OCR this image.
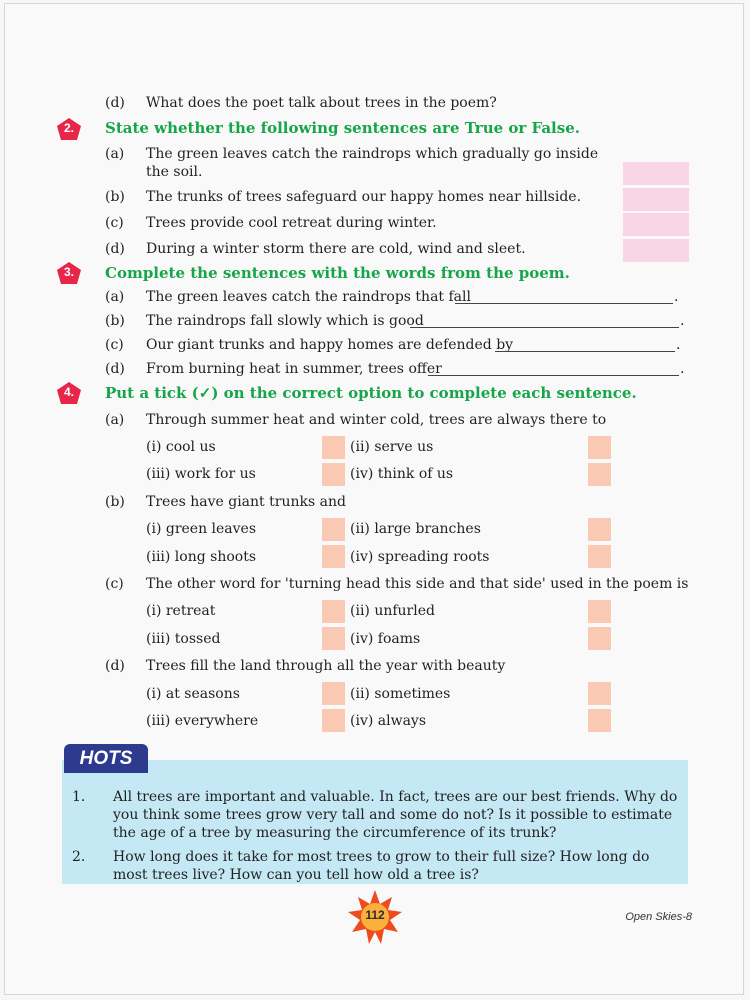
(d) What does the poet talk about trees in the poem?
2.	State whether the following sentences are True or False.
(a) The green leaves catch the raindrops which gradually go inside
the soil.
(b) The trunks of trees safeguard our happy homes near hillside.
(c) Trees provide cool retreat during winter.
(d) During a winter storm there are cold, wind and sleet.
3.	Complete the sentences with the words from the poem.
(a) The green leaves catch the raindrops that fall	.
(b) The raindrops fall slowly which is good	.
(c) Our giant trunks and happy homes are defended by	.
(d) From burning heat in summer, trees offer	.
4.	Put a tick (✓) on the correct option to complete each sentence.
(a) Through summer heat and winter cold, trees are always there to
(i) cool us	(ii) serve us
(iii) work for us	(iv) think of us
(b) Trees have giant trunks and
(i) green leaves	(ii) large branches
(iii) long shoots	(iv) spreading roots
(c) The other word for 'turning head this side and that side' used in the poem is
(i) retreat	(ii) unfurled
(iii) tossed	(iv) foams
(d) Trees fill the land through all the year with beauty
(i) at seasons	(ii) sometimes
(iii) everywhere	(iv) always
HOTS
1. All trees are important and valuable. In fact, trees are our best friends. Why do you think some trees grow very tall and some do not? Is it possible to estimate the age of a tree by measuring the circumference of its trunk?
2. How long does it take for most trees to grow to their full size? How long do most trees live? How can you tell how old a tree is?
112	Open Skies-8
